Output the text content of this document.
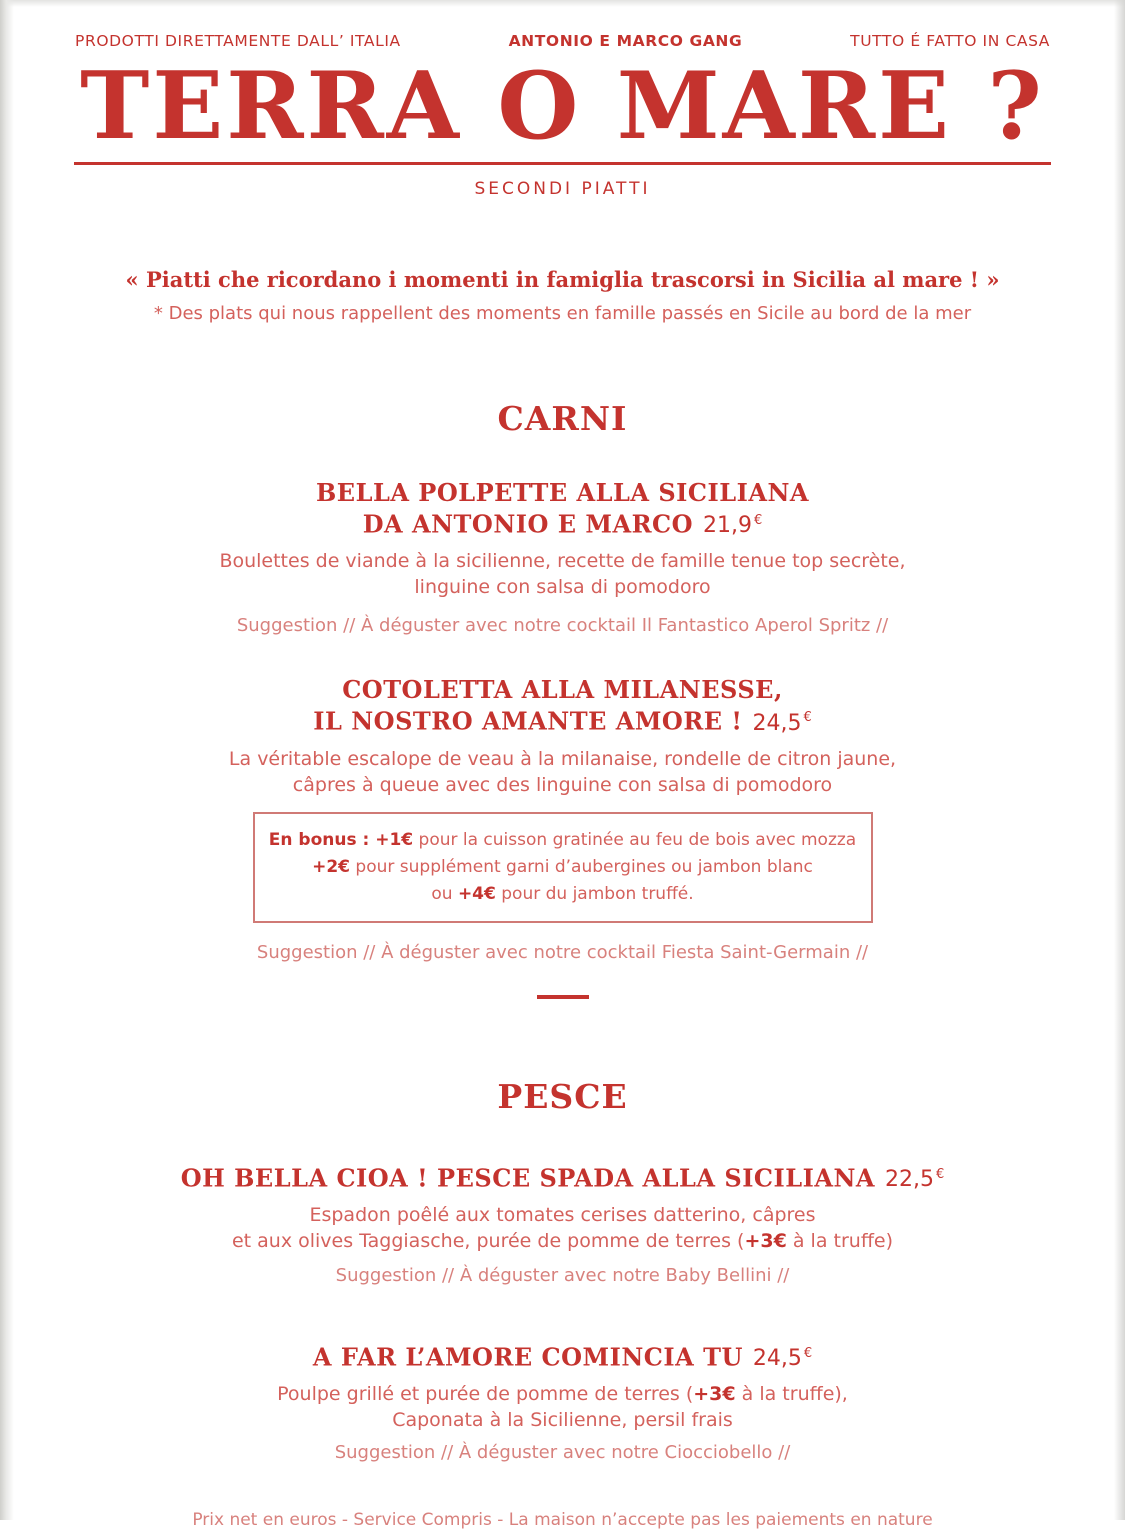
PRODOTTI DIRETTAMENTE DALL’ ITALIA	ANTONIO E MARCO GANG	TUTTO É FATTO IN CASA
TERRA O MARE ?
SECONDI PIATTI

« Piatti che ricordano i momenti in famiglia trascorsi in Sicilia al mare ! »

* Des plats qui nous rappellent des moments en famille passés en Sicile au bord de la mer

CARNI
BELLA POLPETTE ALLA SICILIANA
DA ANTONIO E MARCO 21,9 €

Boulettes de viande à la sicilienne, recette de famille tenue top secrète,
linguine con salsa di pomodoro

Suggestion // À déguster avec notre cocktail Il Fantastico Aperol Spritz //

COTOLETTA ALLA MILANESSE,
IL NOSTRO AMANTE AMORE ! 24,5 €

La véritable escalope de veau à la milanaise, rondelle de citron jaune,
câpres à queue avec des linguine con salsa di pomodoro

En bonus : +1€ pour la cuisson gratinée au feu de bois avec mozza

+2€ pour supplément garni d’aubergines ou jambon blanc

ou +4€ pour du jambon truffé.

Suggestion // À déguster avec notre cocktail Fiesta Saint-Germain //

PESCE
OH BELLA CIOA ! PESCE SPADA ALLA SICILIANA 22,5 €

Espadon poêlé aux tomates cerises datterino, câpres
et aux olives Taggiasche, purée de pomme de terres (+3€ à la truffe)

Suggestion // À déguster avec notre Baby Bellini //

A FAR L’AMORE COMINCIA TU 24,5 €

Poulpe grillé et purée de pomme de terres (+3€ à la truffe),
Caponata à la Sicilienne, persil frais

Suggestion // À déguster avec notre Ciocciobello //

Prix net en euros - Service Compris - La maison n’accepte pas les paiements en nature
